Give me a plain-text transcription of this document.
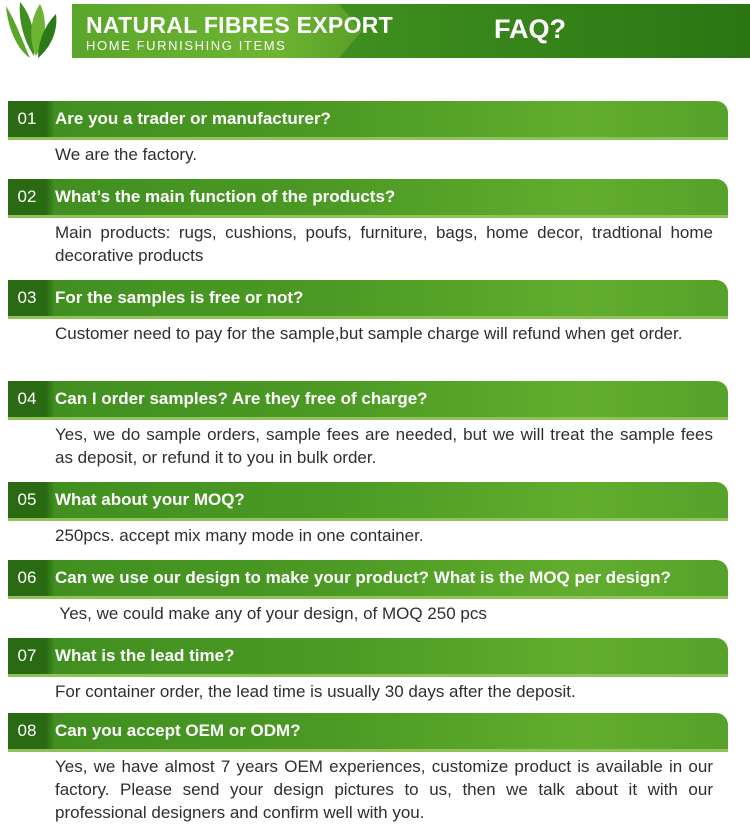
NATURAL FIBRES EXPORT
HOME FURNISHING ITEMS
FAQ?
01	Are you a trader or manufacturer?
We are the factory.
02	What’s the main function of the products?
Main products: rugs, cushions, poufs, furniture, bags, home decor, tradtional home decorative products
03	For the samples is free or not?
Customer need to pay for the sample,but sample charge will refund when get order.
04	Can I order samples? Are they free of charge?
Yes, we do sample orders, sample fees are needed, but we will treat the sample fees as deposit, or refund it to you in bulk order.
05	What about your MOQ?
250pcs. accept mix many mode in one container.
06	Can we use our design to make your product? What is the MOQ per design?
Yes, we could make any of your design, of MOQ 250 pcs
07	What is the lead time?
For container order, the lead time is usually 30 days after the deposit.
08	Can you accept OEM or ODM?
Yes, we have almost 7 years OEM experiences, customize product is available in our factory. Please send your design pictures to us, then we talk about it with our professional designers and confirm well with you.
